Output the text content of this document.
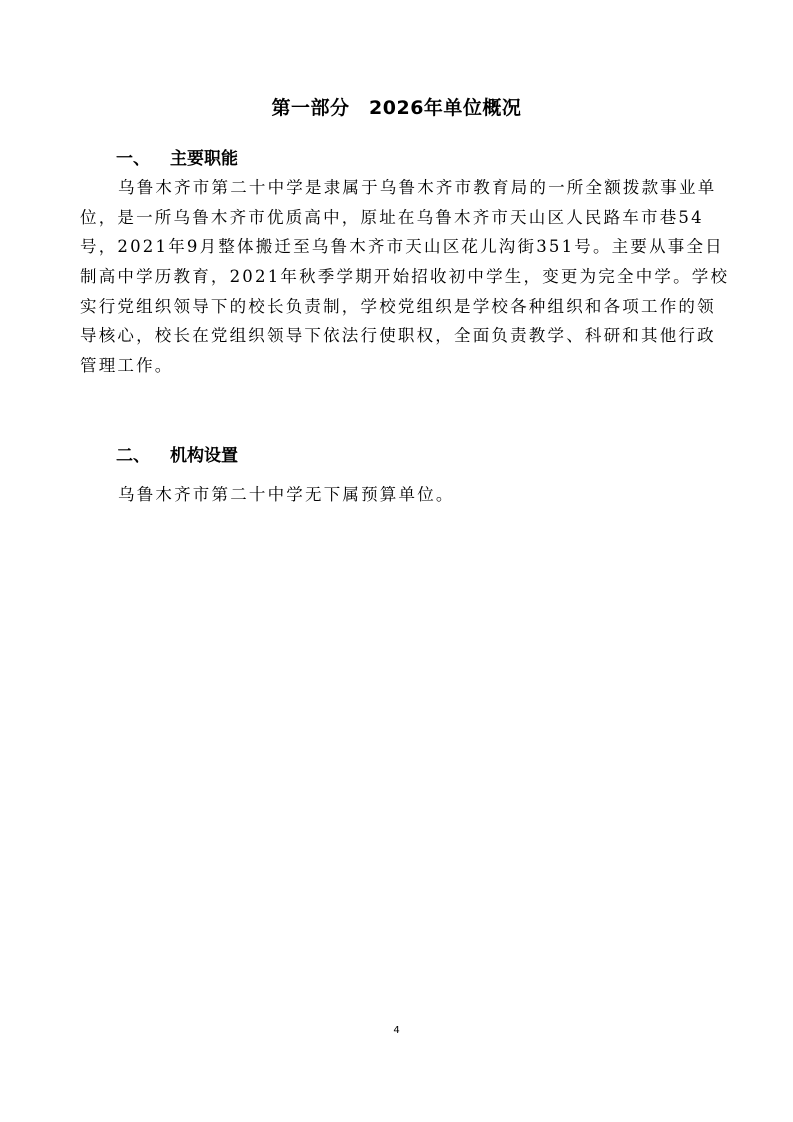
第一部分　2026年单位概况
一、 主要职能
乌鲁木齐市第二十中学是隶属于乌鲁木齐市教育局的一所全额拨款事业单
位，是一所乌鲁木齐市优质高中，原址在乌鲁木齐市天山区人民路车市巷54
号，2021年9月整体搬迁至乌鲁木齐市天山区花儿沟街351号。主要从事全日
制高中学历教育，2021年秋季学期开始招收初中学生，变更为完全中学。学校
实行党组织领导下的校长负责制，学校党组织是学校各种组织和各项工作的领
导核心，校长在党组织领导下依法行使职权，全面负责教学、科研和其他行政
管理工作。
二、 机构设置
乌鲁木齐市第二十中学无下属预算单位。
4
